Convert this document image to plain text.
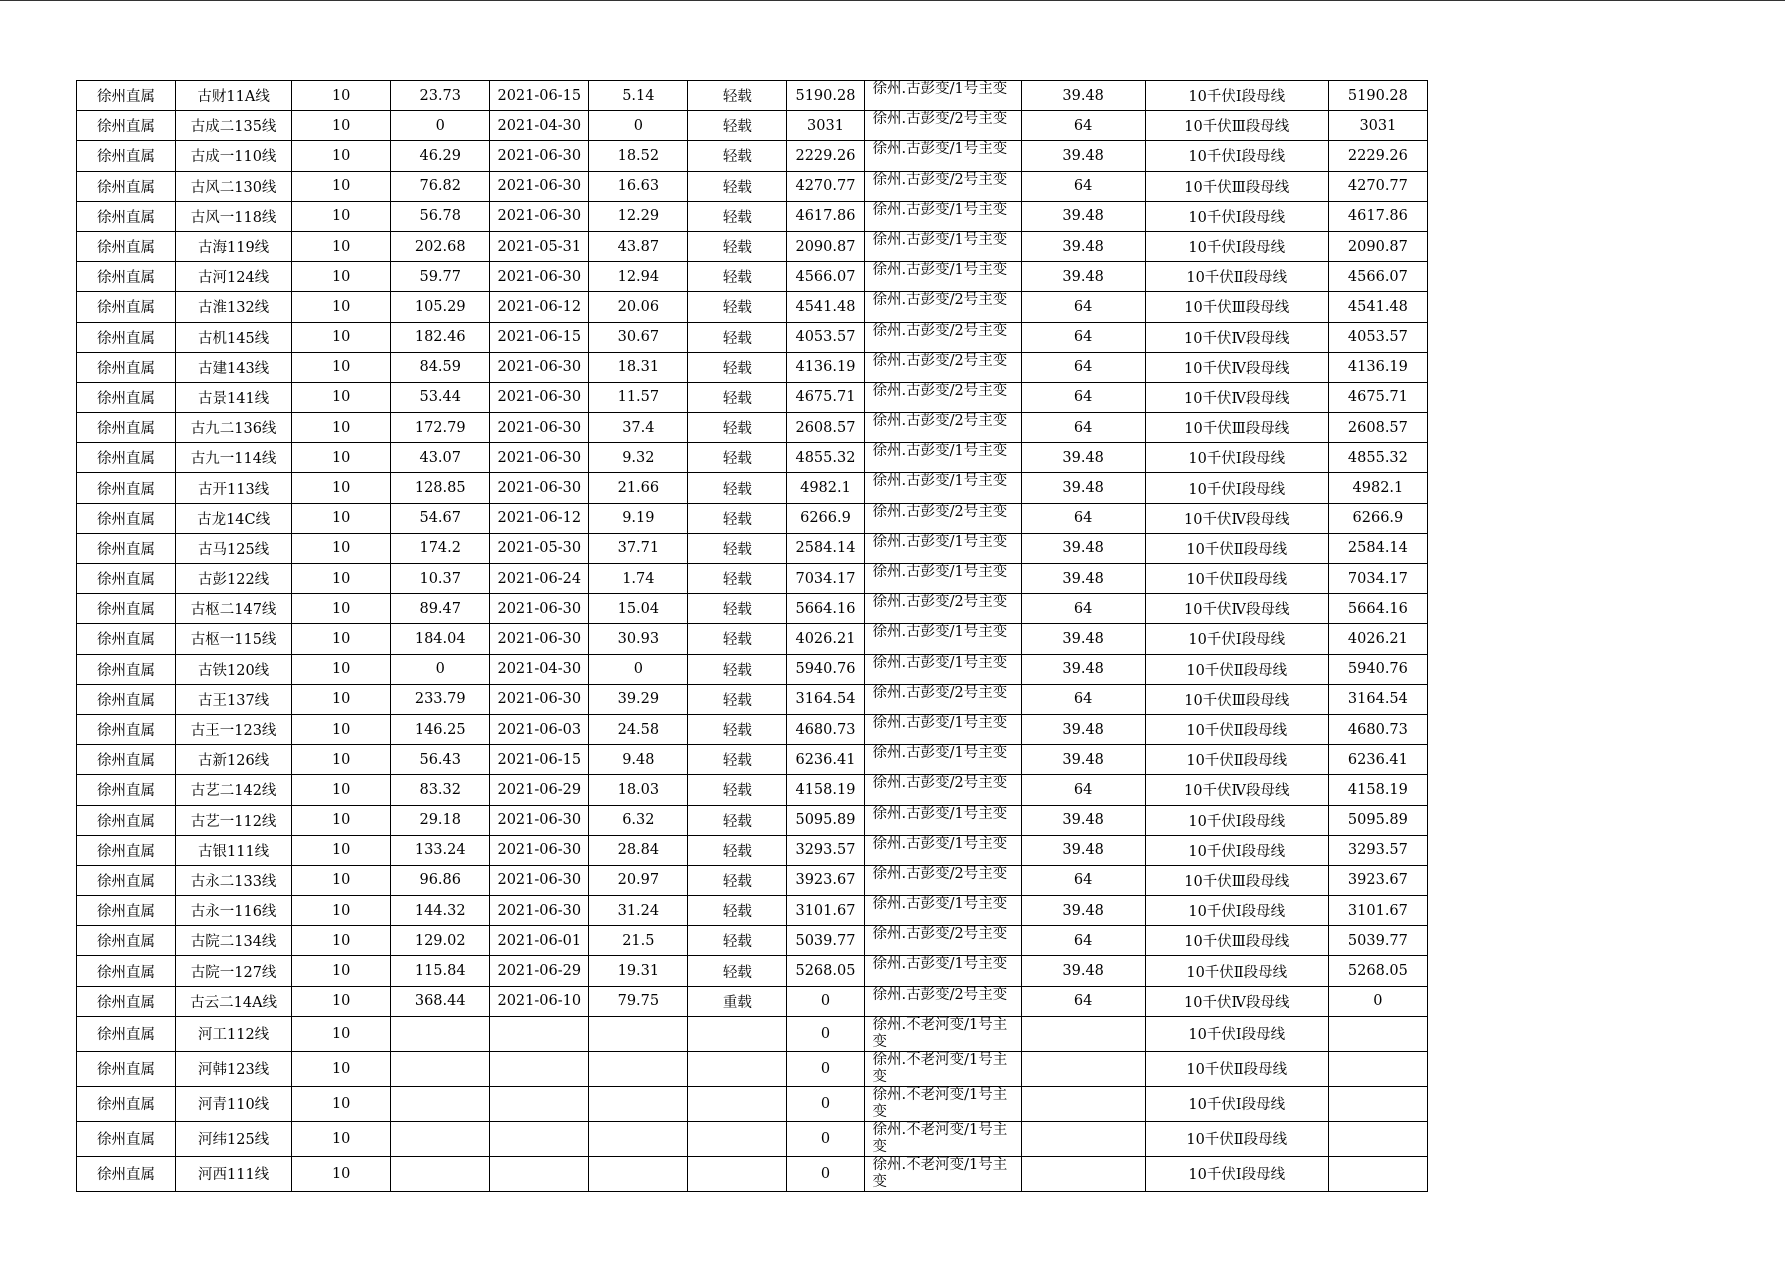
徐州直属	古财11A线	10	23.73	2021-06-15	5.14	轻载	5190.28	徐州.古彭变/1号主变	39.48	10千伏Ⅰ段母线	5190.28
徐州直属	古成二135线	10	0	2021-04-30	0	轻载	3031	徐州.古彭变/2号主变	64	10千伏Ⅲ段母线	3031
徐州直属	古成一110线	10	46.29	2021-06-30	18.52	轻载	2229.26	徐州.古彭变/1号主变	39.48	10千伏Ⅰ段母线	2229.26
徐州直属	古风二130线	10	76.82	2021-06-30	16.63	轻载	4270.77	徐州.古彭变/2号主变	64	10千伏Ⅲ段母线	4270.77
徐州直属	古风一118线	10	56.78	2021-06-30	12.29	轻载	4617.86	徐州.古彭变/1号主变	39.48	10千伏Ⅰ段母线	4617.86
徐州直属	古海119线	10	202.68	2021-05-31	43.87	轻载	2090.87	徐州.古彭变/1号主变	39.48	10千伏Ⅰ段母线	2090.87
徐州直属	古河124线	10	59.77	2021-06-30	12.94	轻载	4566.07	徐州.古彭变/1号主变	39.48	10千伏Ⅱ段母线	4566.07
徐州直属	古淮132线	10	105.29	2021-06-12	20.06	轻载	4541.48	徐州.古彭变/2号主变	64	10千伏Ⅲ段母线	4541.48
徐州直属	古机145线	10	182.46	2021-06-15	30.67	轻载	4053.57	徐州.古彭变/2号主变	64	10千伏Ⅳ段母线	4053.57
徐州直属	古建143线	10	84.59	2021-06-30	18.31	轻载	4136.19	徐州.古彭变/2号主变	64	10千伏Ⅳ段母线	4136.19
徐州直属	古景141线	10	53.44	2021-06-30	11.57	轻载	4675.71	徐州.古彭变/2号主变	64	10千伏Ⅳ段母线	4675.71
徐州直属	古九二136线	10	172.79	2021-06-30	37.4	轻载	2608.57	徐州.古彭变/2号主变	64	10千伏Ⅲ段母线	2608.57
徐州直属	古九一114线	10	43.07	2021-06-30	9.32	轻载	4855.32	徐州.古彭变/1号主变	39.48	10千伏Ⅰ段母线	4855.32
徐州直属	古开113线	10	128.85	2021-06-30	21.66	轻载	4982.1	徐州.古彭变/1号主变	39.48	10千伏Ⅰ段母线	4982.1
徐州直属	古龙14C线	10	54.67	2021-06-12	9.19	轻载	6266.9	徐州.古彭变/2号主变	64	10千伏Ⅳ段母线	6266.9
徐州直属	古马125线	10	174.2	2021-05-30	37.71	轻载	2584.14	徐州.古彭变/1号主变	39.48	10千伏Ⅱ段母线	2584.14
徐州直属	古彭122线	10	10.37	2021-06-24	1.74	轻载	7034.17	徐州.古彭变/1号主变	39.48	10千伏Ⅱ段母线	7034.17
徐州直属	古枢二147线	10	89.47	2021-06-30	15.04	轻载	5664.16	徐州.古彭变/2号主变	64	10千伏Ⅳ段母线	5664.16
徐州直属	古枢一115线	10	184.04	2021-06-30	30.93	轻载	4026.21	徐州.古彭变/1号主变	39.48	10千伏Ⅰ段母线	4026.21
徐州直属	古铁120线	10	0	2021-04-30	0	轻载	5940.76	徐州.古彭变/1号主变	39.48	10千伏Ⅱ段母线	5940.76
徐州直属	古王137线	10	233.79	2021-06-30	39.29	轻载	3164.54	徐州.古彭变/2号主变	64	10千伏Ⅲ段母线	3164.54
徐州直属	古王一123线	10	146.25	2021-06-03	24.58	轻载	4680.73	徐州.古彭变/1号主变	39.48	10千伏Ⅱ段母线	4680.73
徐州直属	古新126线	10	56.43	2021-06-15	9.48	轻载	6236.41	徐州.古彭变/1号主变	39.48	10千伏Ⅱ段母线	6236.41
徐州直属	古艺二142线	10	83.32	2021-06-29	18.03	轻载	4158.19	徐州.古彭变/2号主变	64	10千伏Ⅳ段母线	4158.19
徐州直属	古艺一112线	10	29.18	2021-06-30	6.32	轻载	5095.89	徐州.古彭变/1号主变	39.48	10千伏Ⅰ段母线	5095.89
徐州直属	古银111线	10	133.24	2021-06-30	28.84	轻载	3293.57	徐州.古彭变/1号主变	39.48	10千伏Ⅰ段母线	3293.57
徐州直属	古永二133线	10	96.86	2021-06-30	20.97	轻载	3923.67	徐州.古彭变/2号主变	64	10千伏Ⅲ段母线	3923.67
徐州直属	古永一116线	10	144.32	2021-06-30	31.24	轻载	3101.67	徐州.古彭变/1号主变	39.48	10千伏Ⅰ段母线	3101.67
徐州直属	古院二134线	10	129.02	2021-06-01	21.5	轻载	5039.77	徐州.古彭变/2号主变	64	10千伏Ⅲ段母线	5039.77
徐州直属	古院一127线	10	115.84	2021-06-29	19.31	轻载	5268.05	徐州.古彭变/1号主变	39.48	10千伏Ⅱ段母线	5268.05
徐州直属	古云二14A线	10	368.44	2021-06-10	79.75	重载	0	徐州.古彭变/2号主变	64	10千伏Ⅳ段母线	0
徐州直属	河工112线	10					0	徐州.不老河变/1号主变		10千伏Ⅰ段母线	
徐州直属	河韩123线	10					0	徐州.不老河变/1号主变		10千伏Ⅱ段母线	
徐州直属	河青110线	10					0	徐州.不老河变/1号主变		10千伏Ⅰ段母线	
徐州直属	河纬125线	10					0	徐州.不老河变/1号主变		10千伏Ⅱ段母线	
徐州直属	河西111线	10					0	徐州.不老河变/1号主变		10千伏Ⅰ段母线	
